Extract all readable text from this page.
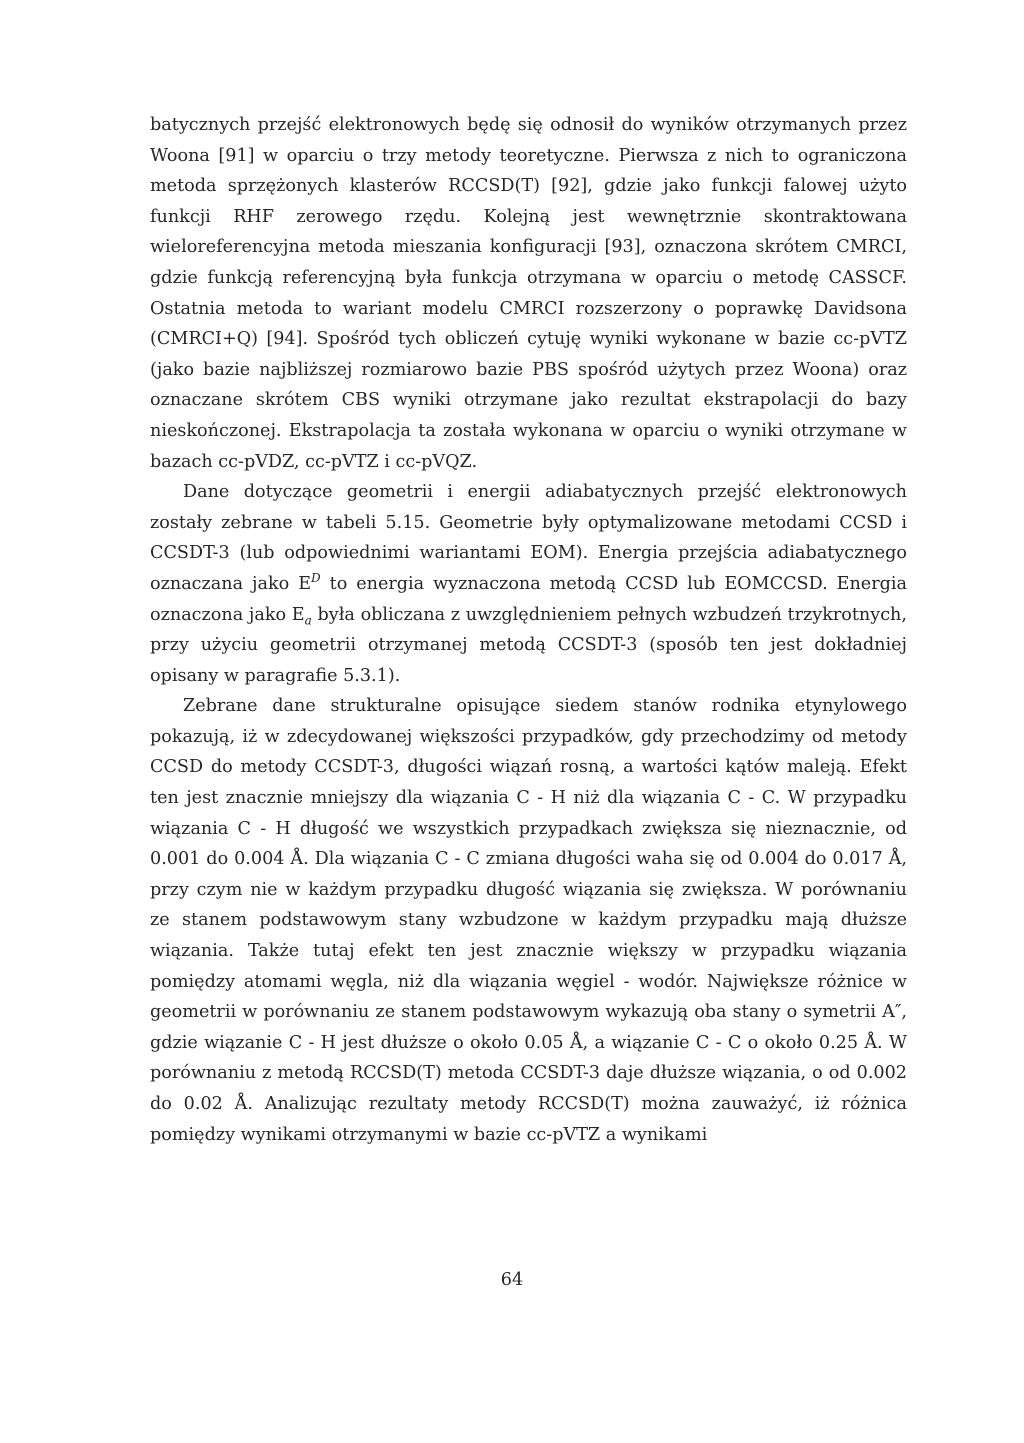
batycznych przejść elektronowych będę się odnosił do wyników otrzymanych przez Woona [91] w oparciu o trzy metody teoretyczne. Pierwsza z nich to ograniczona metoda sprzężonych klasterów RCCSD(T) [92], gdzie jako funkcji falowej użyto funkcji RHF zerowego rzędu. Kolejną jest wewnętrznie skontraktowana wieloreferencyjna metoda mieszania konfiguracji [93], oznaczona skrótem CMRCI, gdzie funkcją referencyjną była funkcja otrzymana w oparciu o metodę CASSCF. Ostatnia metoda to wariant modelu CMRCI rozszerzony o poprawkę Davidsona (CMRCI+Q) [94]. Spośród tych obliczeń cytuję wyniki wykonane w bazie cc-pVTZ (jako bazie najbliższej rozmiarowo bazie PBS spośród użytych przez Woona) oraz oznaczane skrótem CBS wyniki otrzymane jako rezultat ekstrapolacji do bazy nieskończonej. Ekstrapolacja ta została wykonana w oparciu o wyniki otrzymane w bazach cc-pVDZ, cc-pVTZ i cc-pVQZ.

Dane dotyczące geometrii i energii adiabatycznych przejść elektronowych zostały zebrane w tabeli 5.15. Geometrie były optymalizowane metodami CCSD i CCSDT-3 (lub odpowiednimi wariantami EOM). Energia przejścia adiabatycznego oznaczana jako $E^D$ to energia wyznaczona metodą CCSD lub EOMCCSD. Energia oznaczona jako $E_a$ była obliczana z uwzględnieniem pełnych wzbudzeń trzykrotnych, przy użyciu geometrii otrzymanej metodą CCSDT-3 (sposób ten jest dokładniej opisany w paragrafie 5.3.1).

Zebrane dane strukturalne opisujące siedem stanów rodnika etynylowego pokazują, iż w zdecydowanej większości przypadków, gdy przechodzimy od metody CCSD do metody CCSDT-3, długości wiązań rosną, a wartości kątów maleją. Efekt ten jest znacznie mniejszy dla wiązania C - H niż dla wiązania C - C. W przypadku wiązania C - H długość we wszystkich przypadkach zwiększa się nieznacznie, od 0.001 do 0.004 Å. Dla wiązania C - C zmiana długości waha się od 0.004 do 0.017 Å, przy czym nie w każdym przypadku długość wiązania się zwiększa. W porównaniu ze stanem podstawowym stany wzbudzone w każdym przypadku mają dłuższe wiązania. Także tutaj efekt ten jest znacznie większy w przypadku wiązania pomiędzy atomami węgla, niż dla wiązania węgiel - wodór. Największe różnice w geometrii w porównaniu ze stanem podstawowym wykazują oba stany o symetrii A″, gdzie wiązanie C - H jest dłuższe o około 0.05 Å, a wiązanie C - C o około 0.25 Å. W porównaniu z metodą RCCSD(T) metoda CCSDT-3 daje dłuższe wiązania, o od 0.002 do 0.02 Å. Analizując rezultaty metody RCCSD(T) można zauważyć, iż różnica pomiędzy wynikami otrzymanymi w bazie cc-pVTZ a wynikami

64
